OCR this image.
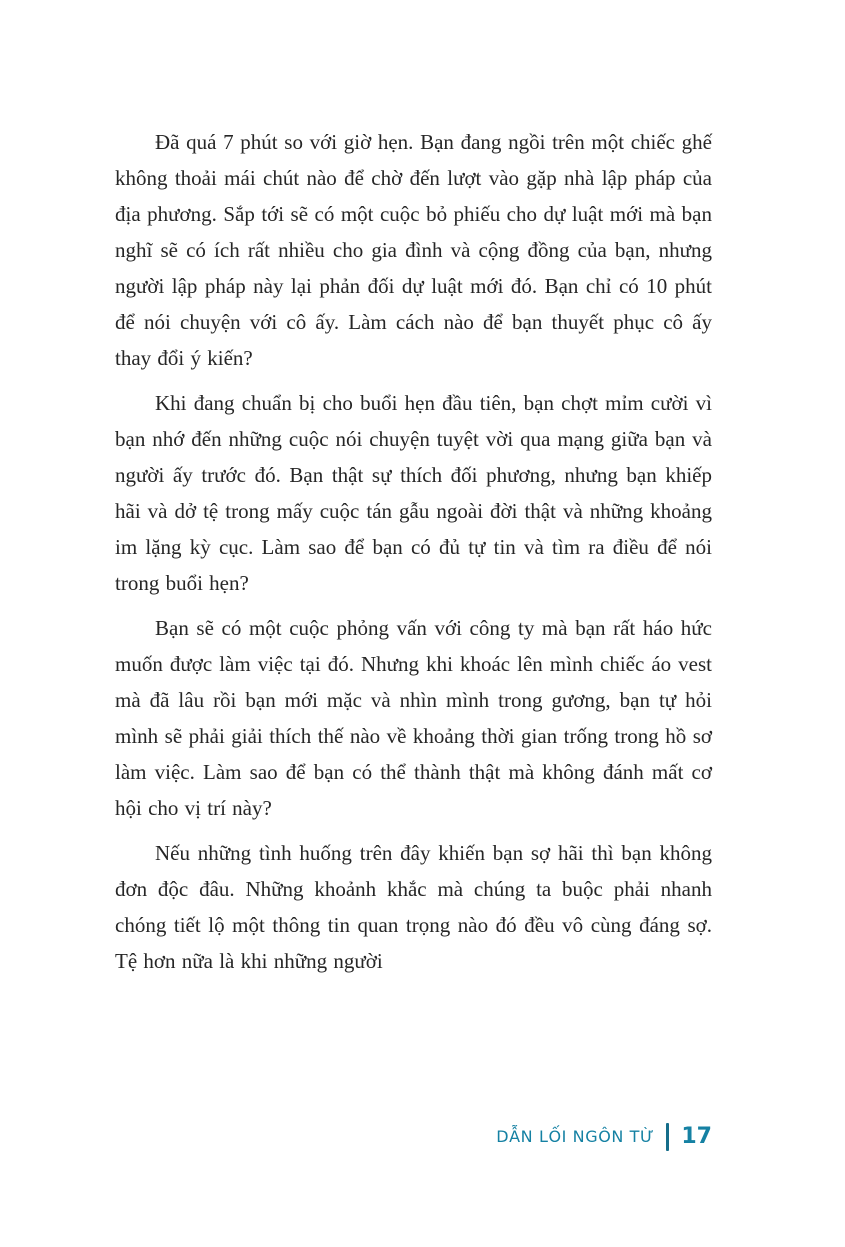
Đã quá 7 phút so với giờ hẹn. Bạn đang ngồi trên một chiếc ghế không thoải mái chút nào để chờ đến lượt vào gặp nhà lập pháp của địa phương. Sắp tới sẽ có một cuộc bỏ phiếu cho dự luật mới mà bạn nghĩ sẽ có ích rất nhiều cho gia đình và cộng đồng của bạn, nhưng người lập pháp này lại phản đối dự luật mới đó. Bạn chỉ có 10 phút để nói chuyện với cô ấy. Làm cách nào để bạn thuyết phục cô ấy thay đổi ý kiến?

Khi đang chuẩn bị cho buổi hẹn đầu tiên, bạn chợt mỉm cười vì bạn nhớ đến những cuộc nói chuyện tuyệt vời qua mạng giữa bạn và người ấy trước đó. Bạn thật sự thích đối phương, nhưng bạn khiếp hãi và dở tệ trong mấy cuộc tán gẫu ngoài đời thật và những khoảng im lặng kỳ cục. Làm sao để bạn có đủ tự tin và tìm ra điều để nói trong buổi hẹn?

Bạn sẽ có một cuộc phỏng vấn với công ty mà bạn rất háo hức muốn được làm việc tại đó. Nhưng khi khoác lên mình chiếc áo vest mà đã lâu rồi bạn mới mặc và nhìn mình trong gương, bạn tự hỏi mình sẽ phải giải thích thế nào về khoảng thời gian trống trong hồ sơ làm việc. Làm sao để bạn có thể thành thật mà không đánh mất cơ hội cho vị trí này?

Nếu những tình huống trên đây khiến bạn sợ hãi thì bạn không đơn độc đâu. Những khoảnh khắc mà chúng ta buộc phải nhanh chóng tiết lộ một thông tin quan trọng nào đó đều vô cùng đáng sợ. Tệ hơn nữa là khi những người

DẪN LỐI NGÔN TỪ 17
